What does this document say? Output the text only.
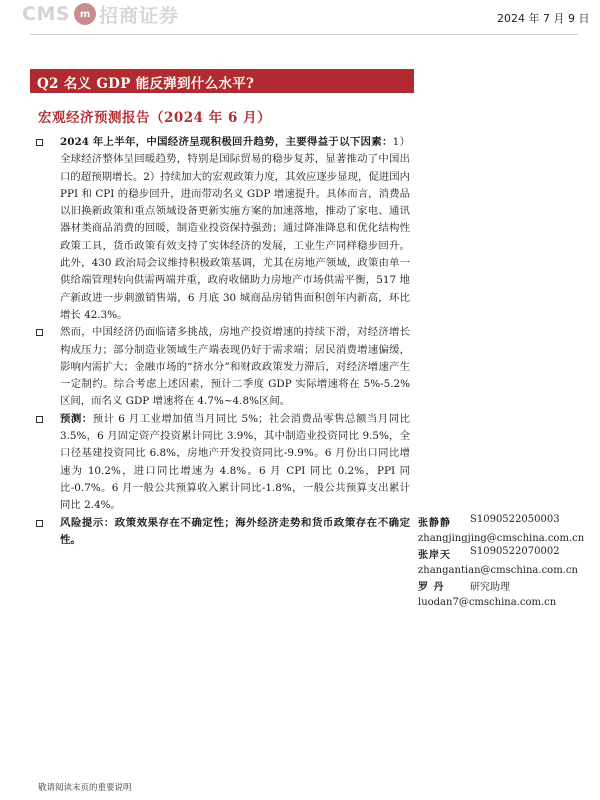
CMS m 招商证券	2024 年 7 月 9 日
Q2 名义 GDP 能反弹到什么水平?
宏观经济预测报告（2024 年 6 月）
2024 年上半年，中国经济呈现积极回升趋势，主要得益于以下因素：1）全球经济整体呈回暖趋势，特别是国际贸易的稳步复苏，显著推动了中国出口的超预期增长。2）持续加大的宏观政策力度，其效应逐步显现，促进国内 PPI 和 CPI 的稳步回升，进而带动名义 GDP 增速提升。具体而言，消费品以旧换新政策和重点领域设备更新实施方案的加速落地，推动了家电、通讯器材类商品消费的回暖，制造业投资保持强劲；通过降准降息和优化结构性政策工具，货币政策有效支持了实体经济的发展，工业生产同样稳步回升。此外，430 政治局会议维持积极政策基调，尤其在房地产领域，政策由单一供给端管理转向供需两端并重，政府收储助力房地产市场供需平衡，517 地产新政进一步刺激销售端，6 月底 30 城商品房销售面积创年内新高，环比增长 42.3%。
然而，中国经济仍面临诸多挑战，房地产投资增速的持续下滑，对经济增长构成压力；部分制造业领域生产端表现仍好于需求端；居民消费增速偏缓，影响内需扩大；金融市场的“挤水分”和财政政策发力滞后，对经济增速产生一定制约。综合考虑上述因素，预计二季度 GDP 实际增速将在 5%-5.2%区间，而名义 GDP 增速将在 4.7%~4.8%区间。
预测：预计 6 月工业增加值当月同比 5%；社会消费品零售总额当月同比 3.5%，6 月固定资产投资累计同比 3.9%，其中制造业投资同比 9.5%，全口径基建投资同比 6.8%，房地产开发投资同比-9.9%。6 月份出口同比增速为 10.2%，进口同比增速为 4.8%。6 月 CPI 同比 0.2%，PPI 同比-0.7%。6 月一般公共预算收入累计同比-1.8%，一般公共预算支出累计同比 2.4%。
风险提示：政策效果存在不确定性；海外经济走势和货币政策存在不确定性。
张静静	S1090522050003
zhangjingjing@cmschina.com.cn
张岸天	S1090522070002
zhangantian@cmschina.com.cn
罗 丹	研究助理
luodan7@cmschina.com.cn
敬请阅读末页的重要说明
